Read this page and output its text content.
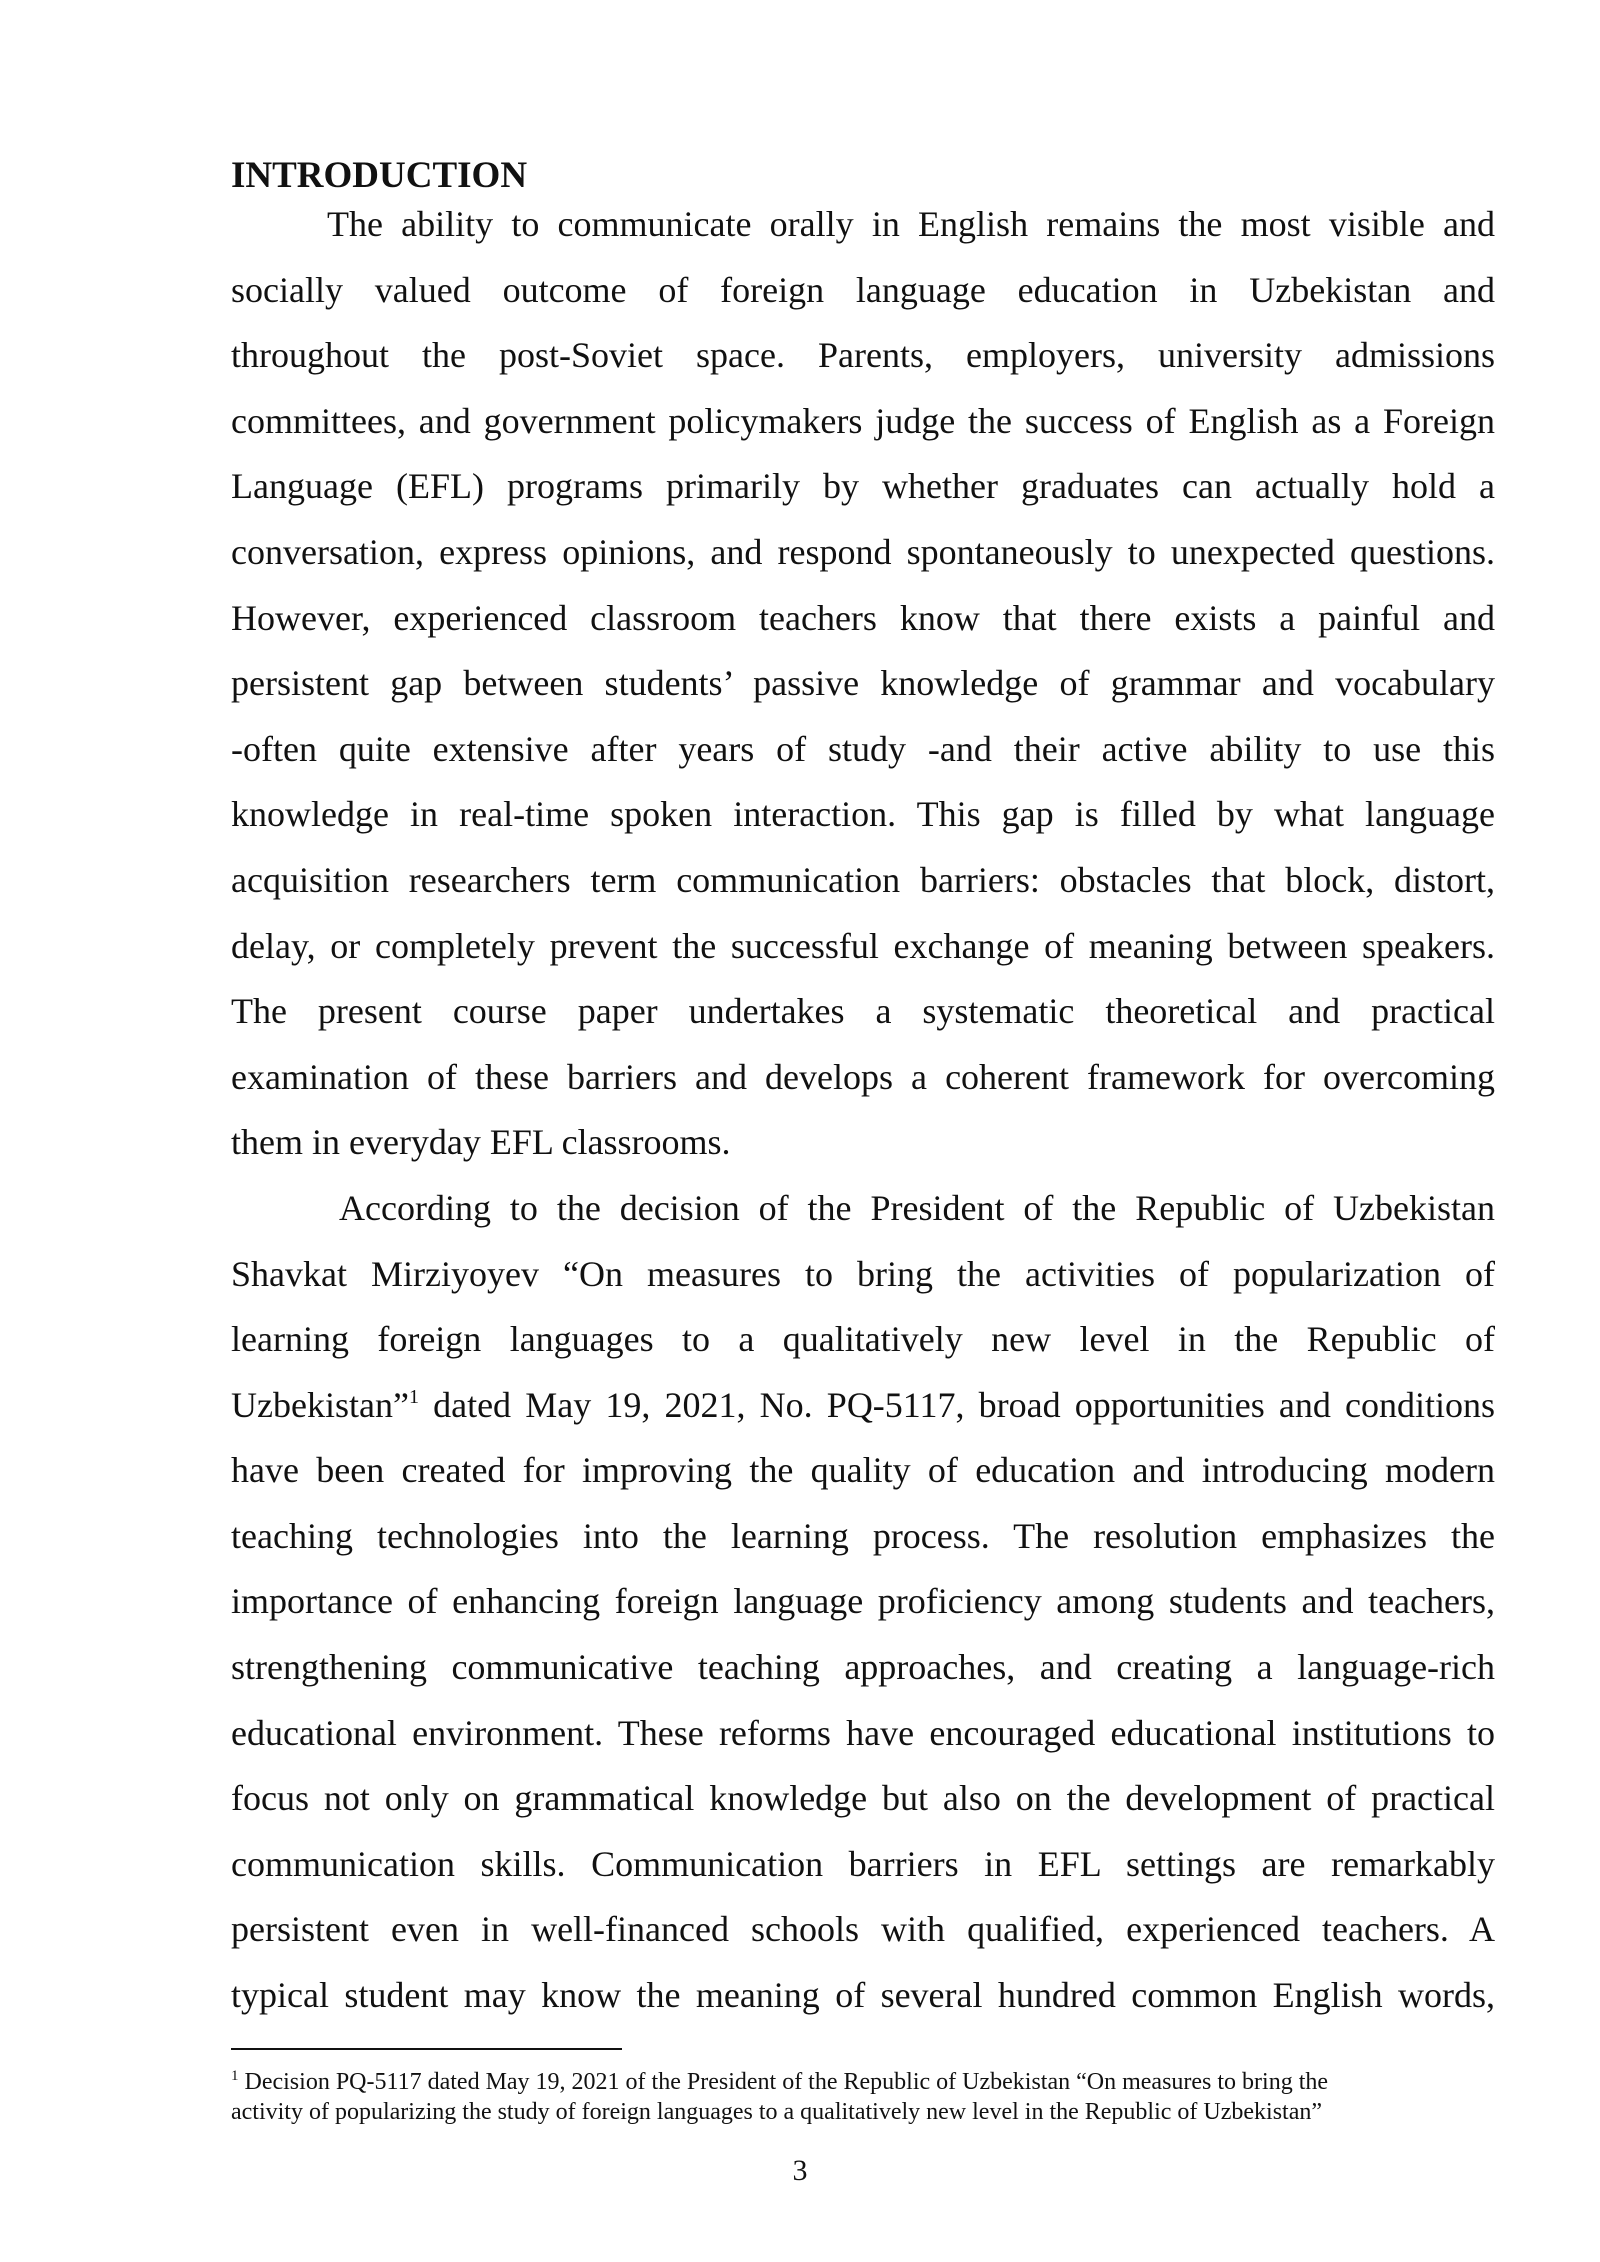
INTRODUCTION
The ability to communicate orally in English remains the most visible and
socially valued outcome of foreign language education in Uzbekistan and
throughout the post-Soviet space. Parents, employers, university admissions
committees, and government policymakers judge the success of English as a Foreign
Language (EFL) programs primarily by whether graduates can actually hold a
conversation, express opinions, and respond spontaneously to unexpected questions.
However, experienced classroom teachers know that there exists a painful and
persistent gap between students’ passive knowledge of grammar and vocabulary
-often quite extensive after years of study -and their active ability to use this
knowledge in real-time spoken interaction. This gap is filled by what language
acquisition researchers term communication barriers: obstacles that block, distort,
delay, or completely prevent the successful exchange of meaning between speakers.
The present course paper undertakes a systematic theoretical and practical
examination of these barriers and develops a coherent framework for overcoming
them in everyday EFL classrooms.
According to the decision of the President of the Republic of Uzbekistan
Shavkat Mirziyoyev “On measures to bring the activities of popularization of
learning foreign languages to a qualitatively new level in the Republic of
Uzbekistan”$^1$ dated May 19, 2021, No. PQ-5117, broad opportunities and conditions
have been created for improving the quality of education and introducing modern
teaching technologies into the learning process. The resolution emphasizes the
importance of enhancing foreign language proficiency among students and teachers,
strengthening communicative teaching approaches, and creating a language-rich
educational environment. These reforms have encouraged educational institutions to
focus not only on grammatical knowledge but also on the development of practical
communication skills. Communication barriers in EFL settings are remarkably
persistent even in well-financed schools with qualified, experienced teachers. A
typical student may know the meaning of several hundred common English words,
$^1$ Decision PQ-5117 dated May 19, 2021 of the President of the Republic of Uzbekistan “On measures to bring the
activity of popularizing the study of foreign languages to a qualitatively new level in the Republic of Uzbekistan”
3
